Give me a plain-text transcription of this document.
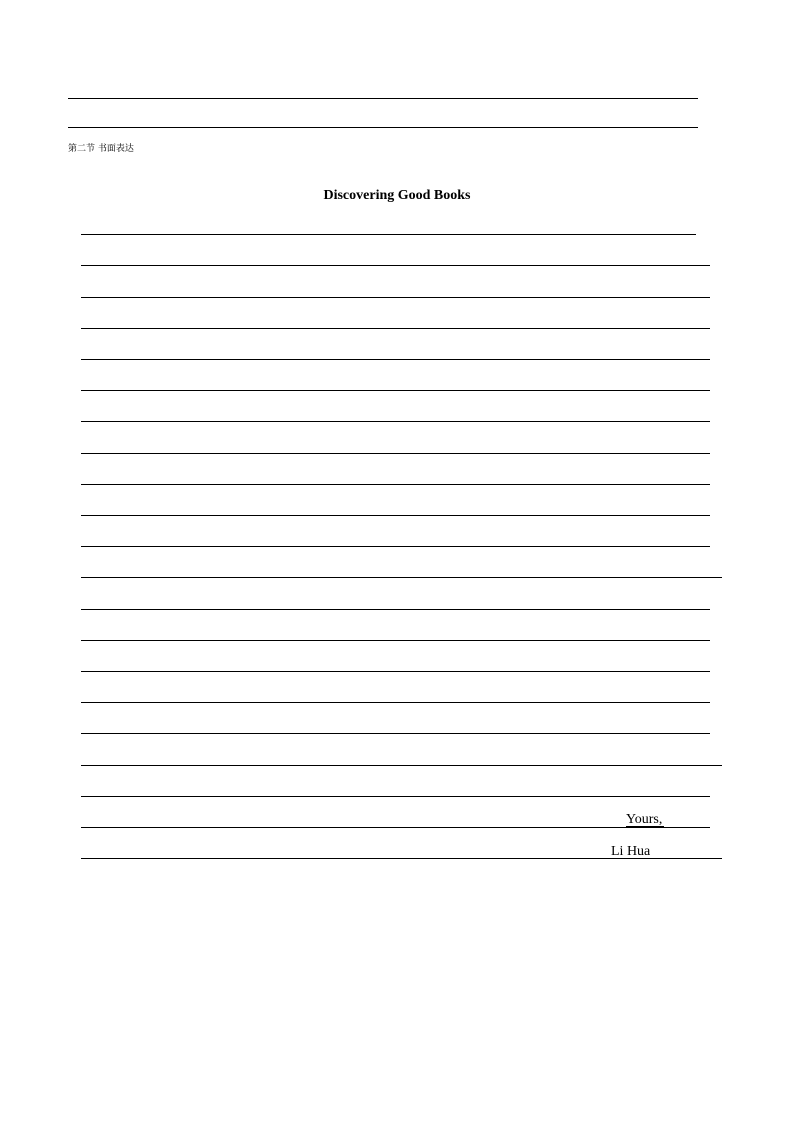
第二节 书面表达
Discovering Good Books
Yours,
Li Hua
